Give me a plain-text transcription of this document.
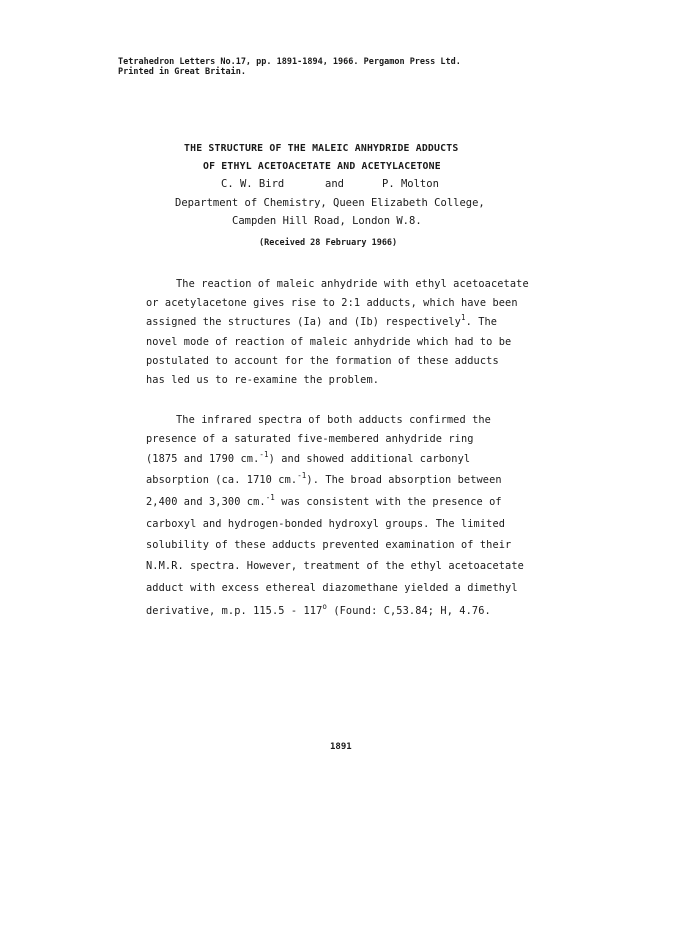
Tetrahedron Letters No.17, pp. 1891-1894, 1966. Pergamon Press Ltd.
Printed in Great Britain.
THE STRUCTURE OF THE MALEIC ANHYDRIDE ADDUCTS
OF ETHYL ACETOACETATE AND ACETYLACETONE
C. W. Bird	and	P. Molton
Department of Chemistry, Queen Elizabeth College,
Campden Hill Road, London W.8.
(Received 28 February 1966)
The reaction of maleic anhydride with ethyl acetoacetate
or acetylacetone gives rise to 2:1 adducts, which have been
assigned the structures (Ia) and (Ib) respectively$^1$. The
novel mode of reaction of maleic anhydride which had to be
postulated to account for the formation of these adducts
has led us to re-examine the problem.
The infrared spectra of both adducts confirmed the
presence of a saturated five-membered anhydride ring
(1875 and 1790 cm.$^{-1}$) and showed additional carbonyl
absorption (ca. 1710 cm.$^{-1}$). The broad absorption between
2,400 and 3,300 cm.$^{-1}$ was consistent with the presence of
carboxyl and hydrogen-bonded hydroxyl groups. The limited
solubility of these adducts prevented examination of their
N.M.R. spectra. However, treatment of the ethyl acetoacetate
adduct with excess ethereal diazomethane yielded a dimethyl
derivative, m.p. 115.5 - 117$^o$ (Found: C,53.84; H, 4.76.
1891
